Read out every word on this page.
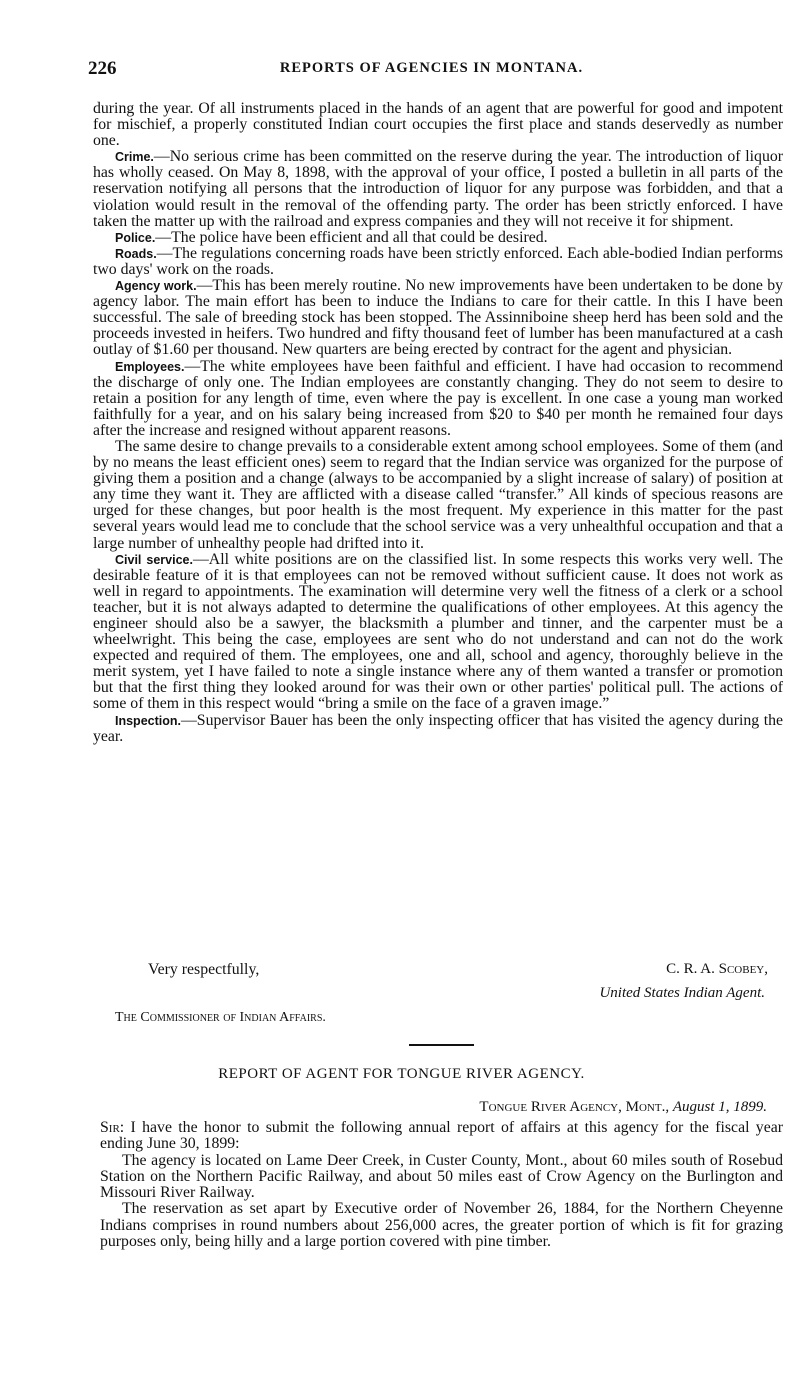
226	REPORTS OF AGENCIES IN MONTANA.

during the year. Of all instruments placed in the hands of an agent that are powerful for good and impotent for mischief, a properly constituted Indian court occupies the first place and stands deservedly as number one.

Crime.—No serious crime has been committed on the reserve during the year. The introduction of liquor has wholly ceased. On May 8, 1898, with the approval of your office, I posted a bulletin in all parts of the reservation notifying all persons that the introduction of liquor for any purpose was forbidden, and that a violation would result in the removal of the offending party. The order has been strictly enforced. I have taken the matter up with the railroad and express companies and they will not receive it for shipment.

Police.—The police have been efficient and all that could be desired.

Roads.—The regulations concerning roads have been strictly enforced. Each able-bodied Indian performs two days' work on the roads.

Agency work.—This has been merely routine. No new improvements have been undertaken to be done by agency labor. The main effort has been to induce the Indians to care for their cattle. In this I have been successful. The sale of breeding stock has been stopped. The Assinniboine sheep herd has been sold and the proceeds invested in heifers. Two hundred and fifty thousand feet of lumber has been manufactured at a cash outlay of $1.60 per thousand. New quarters are being erected by contract for the agent and physician.

Employees.—The white employees have been faithful and efficient. I have had occasion to recommend the discharge of only one. The Indian employees are constantly changing. They do not seem to desire to retain a position for any length of time, even where the pay is excellent. In one case a young man worked faithfully for a year, and on his salary being increased from $20 to $40 per month he remained four days after the increase and resigned without apparent reasons.

The same desire to change prevails to a considerable extent among school employees. Some of them (and by no means the least efficient ones) seem to regard that the Indian service was organized for the purpose of giving them a position and a change (always to be accompanied by a slight increase of salary) of position at any time they want it. They are afflicted with a disease called “transfer.” All kinds of specious reasons are urged for these changes, but poor health is the most frequent. My experience in this matter for the past several years would lead me to conclude that the school service was a very unhealthful occupation and that a large number of unhealthy people had drifted into it.

Civil service.—All white positions are on the classified list. In some respects this works very well. The desirable feature of it is that employees can not be removed without sufficient cause. It does not work as well in regard to appointments. The examination will determine very well the fitness of a clerk or a school teacher, but it is not always adapted to determine the qualifications of other employees. At this agency the engineer should also be a sawyer, the blacksmith a plumber and tinner, and the carpenter must be a wheelwright. This being the case, employees are sent who do not understand and can not do the work expected and required of them. The employees, one and all, school and agency, thoroughly believe in the merit system, yet I have failed to note a single instance where any of them wanted a transfer or promotion but that the first thing they looked around for was their own or other parties' political pull. The actions of some of them in this respect would “bring a smile on the face of a graven image.”

Inspection.—Supervisor Bauer has been the only inspecting officer that has visited the agency during the year.

Very respectfully,	C. R. A. Scobey,
United States Indian Agent.
The Commissioner of Indian Affairs.
REPORT OF AGENT FOR TONGUE RIVER AGENCY.
Tongue River Agency, Mont., August 1, 1899.

Sir: I have the honor to submit the following annual report of affairs at this agency for the fiscal year ending June 30, 1899:

The agency is located on Lame Deer Creek, in Custer County, Mont., about 60 miles south of Rosebud Station on the Northern Pacific Railway, and about 50 miles east of Crow Agency on the Burlington and Missouri River Railway.

The reservation as set apart by Executive order of November 26, 1884, for the Northern Cheyenne Indians comprises in round numbers about 256,000 acres, the greater portion of which is fit for grazing purposes only, being hilly and a large portion covered with pine timber.
